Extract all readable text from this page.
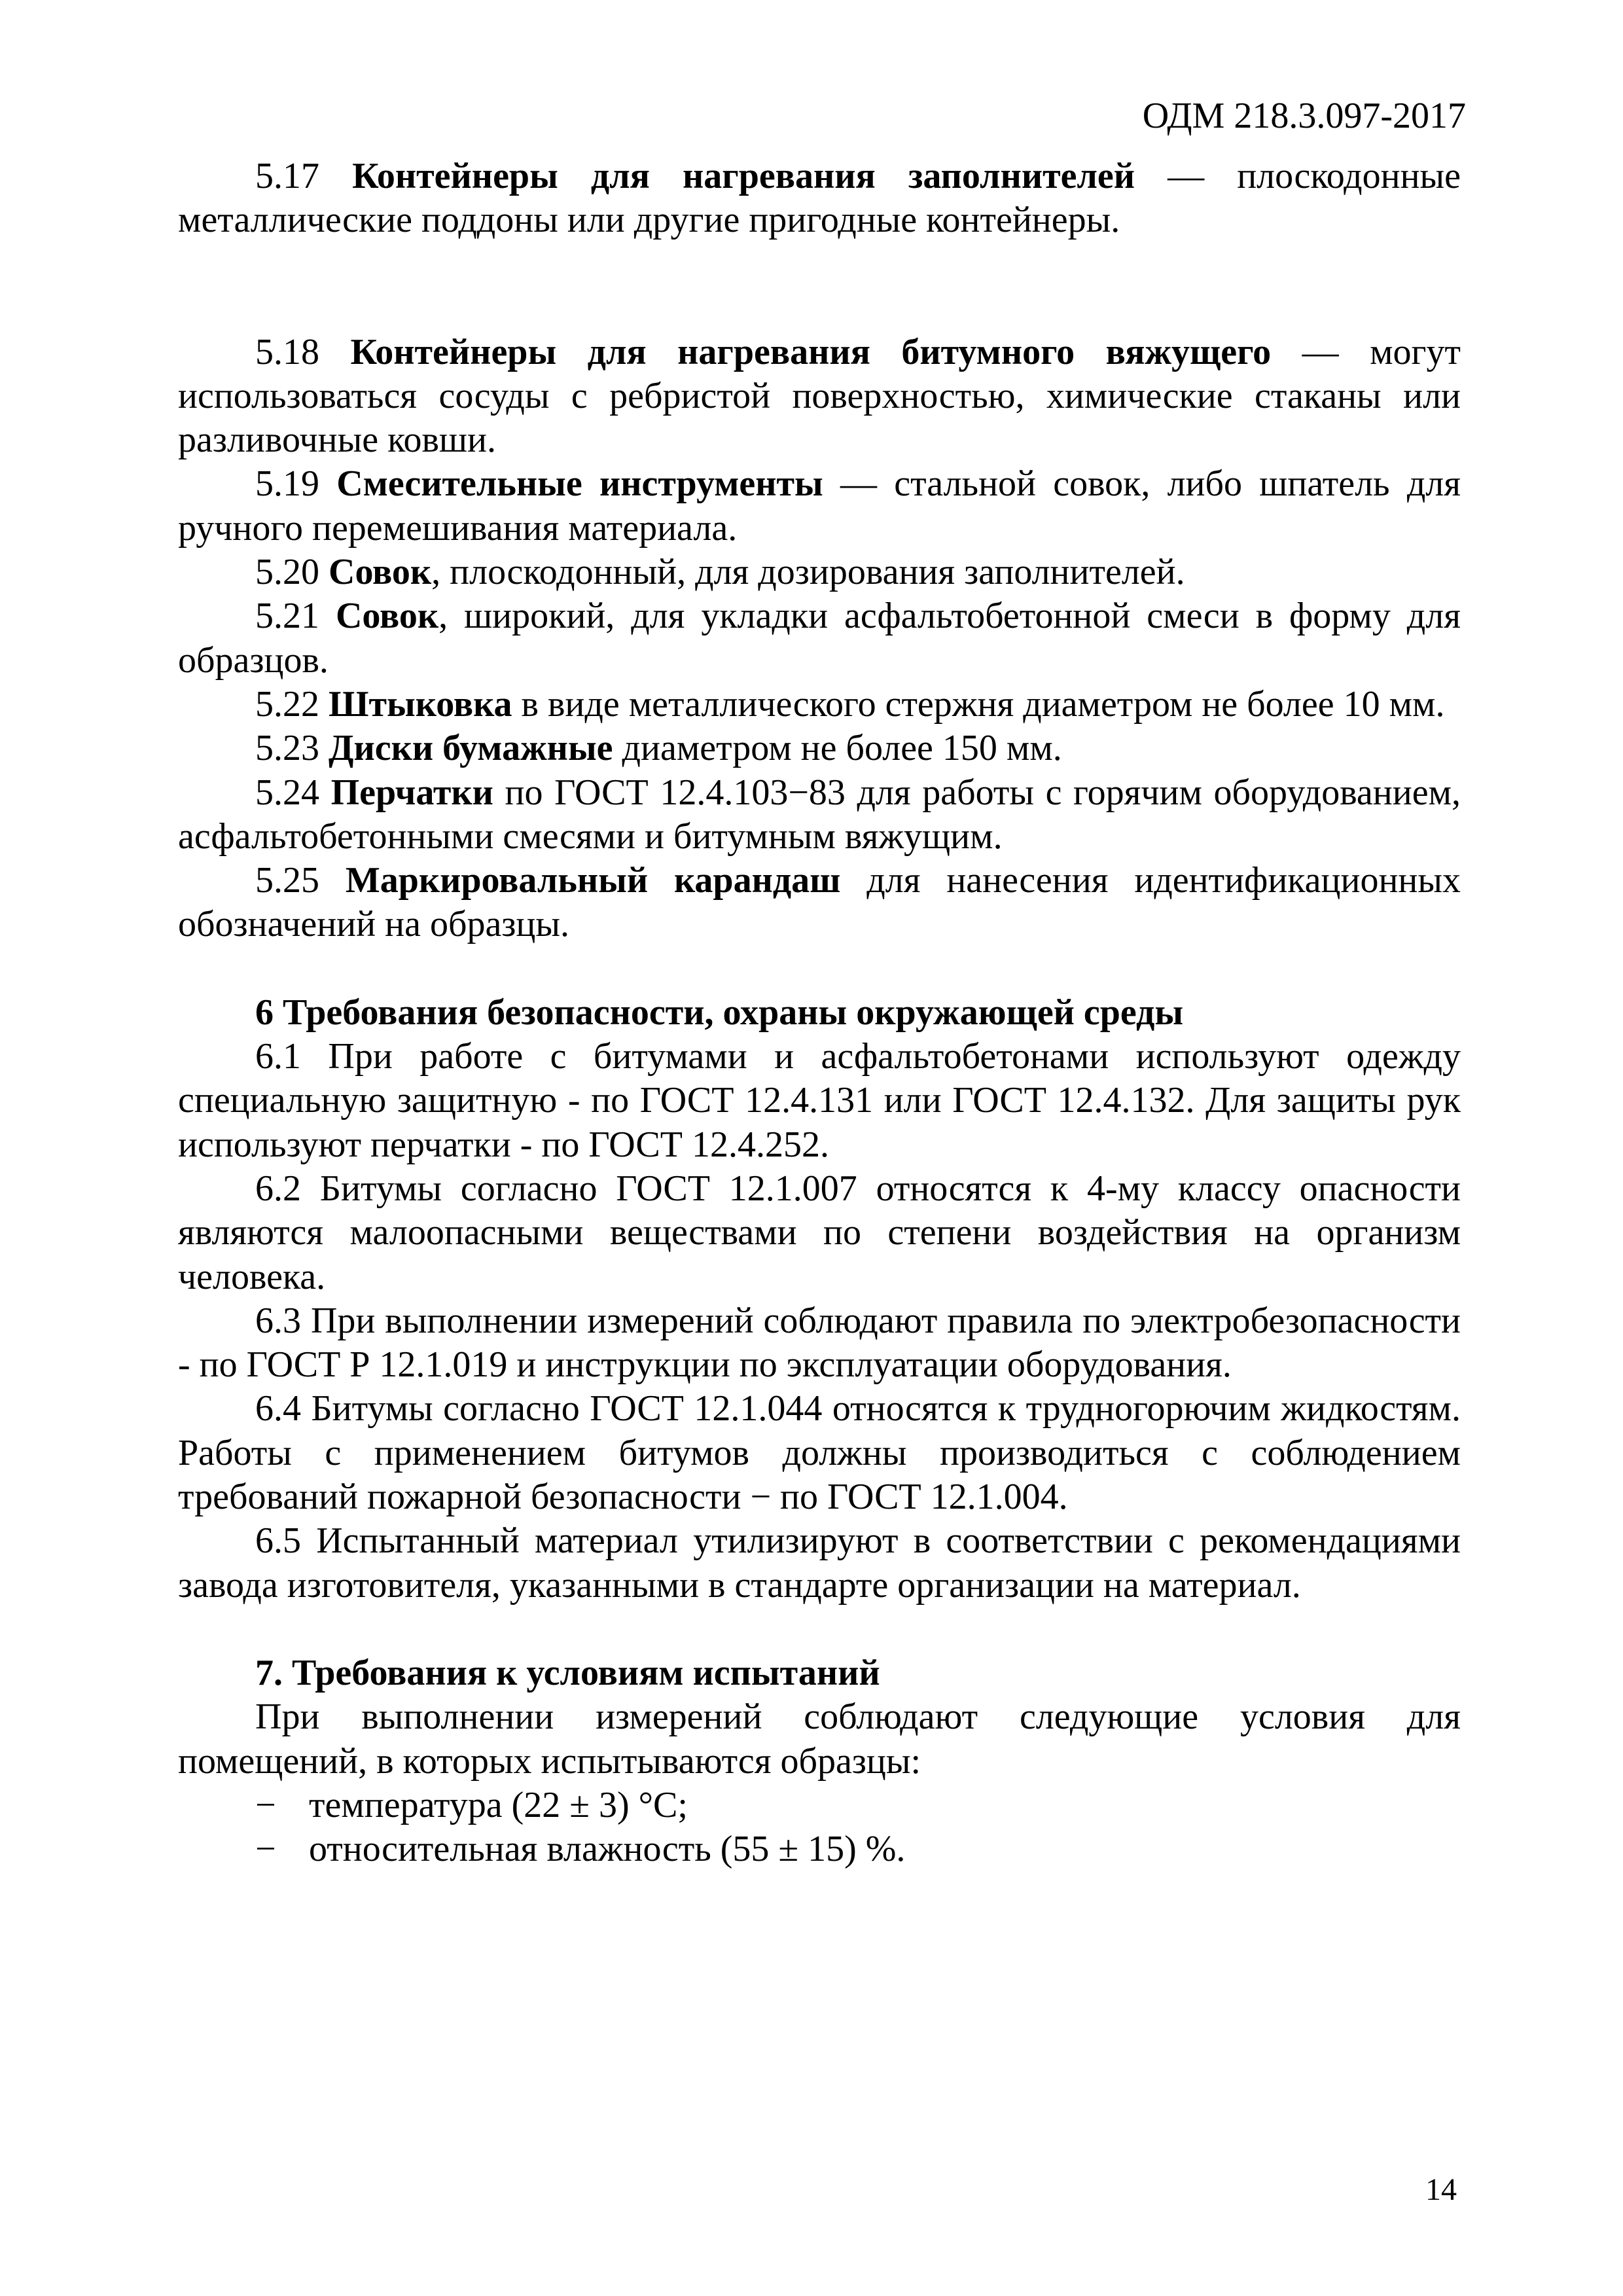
ОДМ 218.3.097-2017

5.17 Контейнеры для нагревания заполнителей — плоскодонные металлические поддоны или другие пригодные контейнеры.

5.18 Контейнеры для нагревания битумного вяжущего — могут использоваться сосуды с ребристой поверхностью, химические стаканы или разливочные ковши.

5.19 Смесительные инструменты — стальной совок, либо шпатель для ручного перемешивания материала.

5.20 Совок, плоскодонный, для дозирования заполнителей.

5.21 Совок, широкий, для укладки асфальтобетонной смеси в форму для образцов.

5.22 Штыковка в виде металлического стержня диаметром не более 10 мм.

5.23 Диски бумажные диаметром не более 150 мм.

5.24 Перчатки по ГОСТ 12.4.103−83 для работы с горячим оборудованием, асфальтобетонными смесями и битумным вяжущим.

5.25 Маркировальный карандаш для нанесения идентификационных обозначений на образцы.

6 Требования безопасности, охраны окружающей среды

6.1 При работе с битумами и асфальтобетонами используют одежду специальную защитную - по ГОСТ 12.4.131 или ГОСТ 12.4.132. Для защиты рук используют перчатки - по ГОСТ 12.4.252.

6.2 Битумы согласно ГОСТ 12.1.007 относятся к 4-му классу опасности являются малоопасными веществами по степени воздействия на организм человека.

6.3 При выполнении измерений соблюдают правила по электробезопасности - по ГОСТ Р 12.1.019 и инструкции по эксплуатации оборудования.

6.4 Битумы согласно ГОСТ 12.1.044 относятся к трудногорючим жидкостям. Работы с применением битумов должны производиться с соблюдением требований пожарной безопасности − по ГОСТ 12.1.004.

6.5 Испытанный материал утилизируют в соответствии с рекомендациями завода изготовителя, указанными в стандарте организации на материал.

7. Требования к условиям испытаний

При выполнении измерений соблюдают следующие условия для помещений, в которых испытываются образцы:

− температура (22 ± 3) °С;
− относительная влажность (55 ± 15) %.
14
